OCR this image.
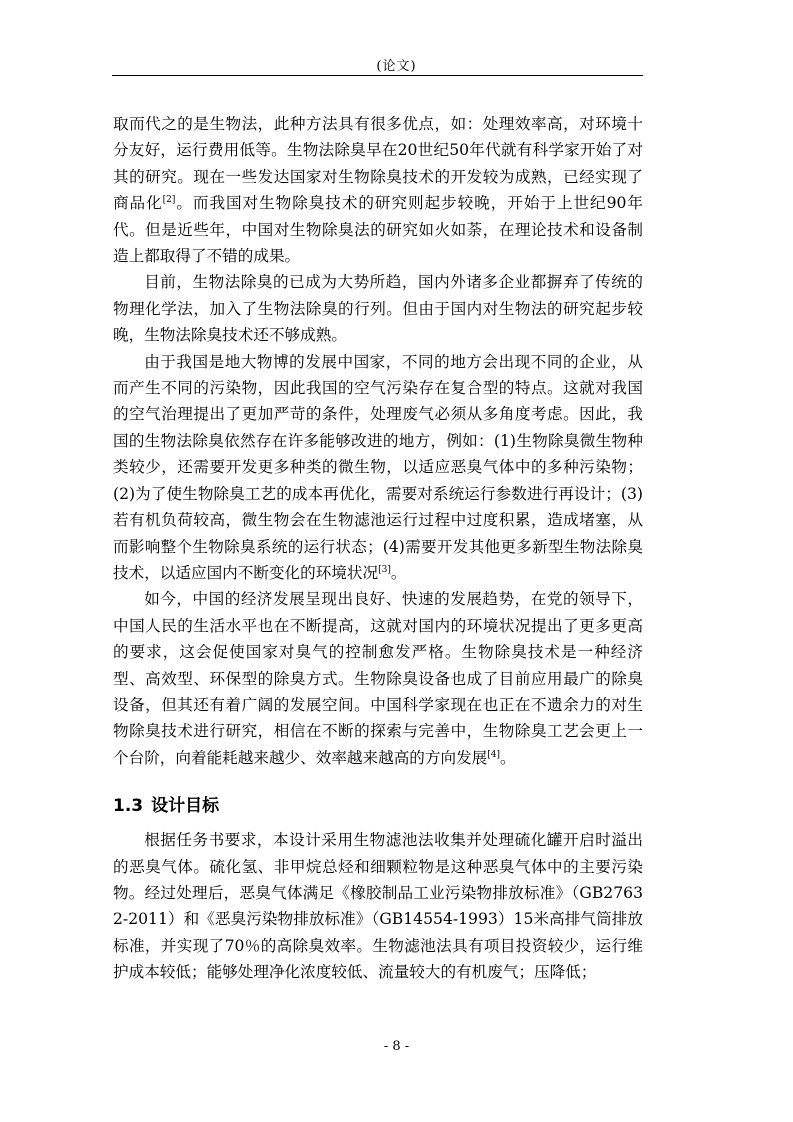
(论文)

取而代之的是生物法，此种方法具有很多优点，如：处理效率高，对环境十分友好，运行费用低等。生物法除臭早在20世纪50年代就有科学家开始了对其的研究。现在一些发达国家对生物除臭技术的开发较为成熟，已经实现了商品化[2]。而我国对生物除臭技术的研究则起步较晚，开始于上世纪90年代。但是近些年，中国对生物除臭法的研究如火如荼，在理论技术和设备制造上都取得了不错的成果。

目前，生物法除臭的已成为大势所趋，国内外诸多企业都摒弃了传统的物理化学法，加入了生物法除臭的行列。但由于国内对生物法的研究起步较晚，生物法除臭技术还不够成熟。

由于我国是地大物博的发展中国家，不同的地方会出现不同的企业，从而产生不同的污染物，因此我国的空气污染存在复合型的特点。这就对我国的空气治理提出了更加严苛的条件，处理废气必须从多角度考虑。因此，我国的生物法除臭依然存在许多能够改进的地方，例如：(1)生物除臭微生物种类较少，还需要开发更多种类的微生物，以适应恶臭气体中的多种污染物；(2)为了使生物除臭工艺的成本再优化，需要对系统运行参数进行再设计；(3)若有机负荷较高，微生物会在生物滤池运行过程中过度积累，造成堵塞，从而影响整个生物除臭系统的运行状态；(4)需要开发其他更多新型生物法除臭技术，以适应国内不断变化的环境状况[3]。

如今，中国的经济发展呈现出良好、快速的发展趋势，在党的领导下，中国人民的生活水平也在不断提高，这就对国内的环境状况提出了更多更高的要求，这会促使国家对臭气的控制愈发严格。生物除臭技术是一种经济型、高效型、环保型的除臭方式。生物除臭设备也成了目前应用最广的除臭设备，但其还有着广阔的发展空间。中国科学家现在也正在不遗余力的对生物除臭技术进行研究，相信在不断的探索与完善中，生物除臭工艺会更上一个台阶，向着能耗越来越少、效率越来越高的方向发展[4]。

1.3 设计目标

根据任务书要求，本设计采用生物滤池法收集并处理硫化罐开启时溢出的恶臭气体。硫化氢、非甲烷总烃和细颗粒物是这种恶臭气体中的主要污染物。经过处理后，恶臭气体满足《橡胶制品工业污染物排放标准》（GB27632-2011）和《恶臭污染物排放标准》（GB14554-1993）15米高排气筒排放标准，并实现了70％的高除臭效率。生物滤池法具有项目投资较少，运行维护成本较低；能够处理净化浓度较低、流量较大的有机废气；压降低；

- 8 -
